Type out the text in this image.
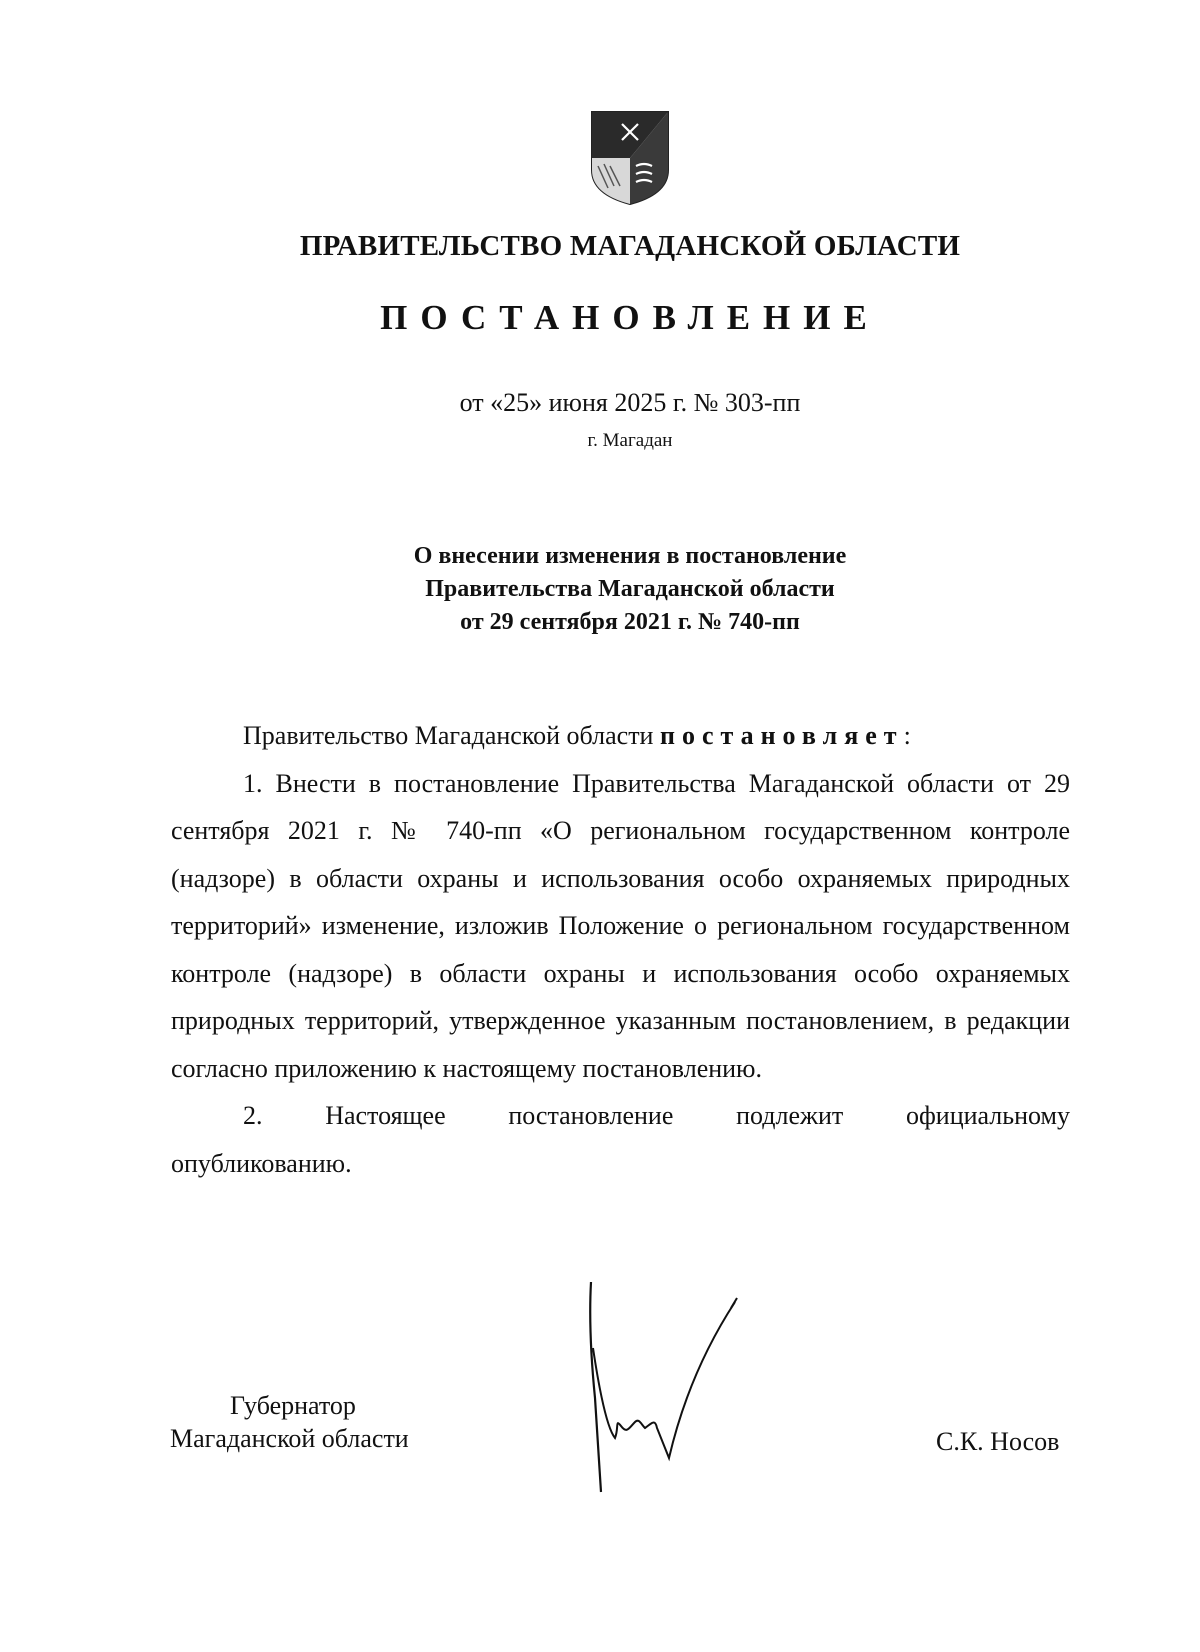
ПРАВИТЕЛЬСТВО МАГАДАНСКОЙ ОБЛАСТИ
ПОСТАНОВЛЕНИЕ
от «25» июня 2025 г. № 303-пп
г. Магадан
О внесении изменения в постановление
Правительства Магаданской области
от 29 сентября 2021 г. № 740-пп

Правительство Магаданской области постановляет:

1. Внести в постановление Правительства Магаданской области от 29 сентября 2021 г. № 740-пп «О региональном государственном контроле (надзоре) в области охраны и использования особо охраняемых природных территорий» изменение, изложив Положение о региональном государственном контроле (надзоре) в области охраны и использования особо охраняемых природных территорий, утвержденное указанным постановлением, в редакции согласно приложению к настоящему постановлению.

2. Настоящее постановление подлежит официальному

опубликованию.

Губернатор
Магаданской области	С.К. Носов
